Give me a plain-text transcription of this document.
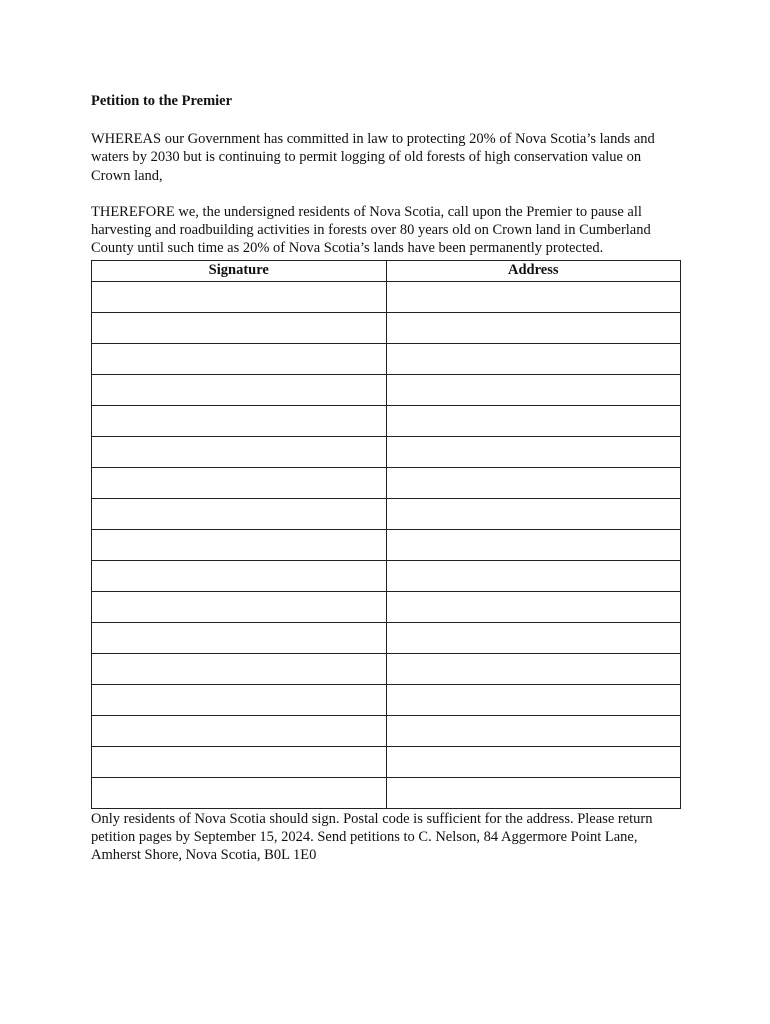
Petition to the Premier
WHEREAS our Government has committed in law to protecting 20% of Nova Scotia’s lands and waters by 2030 but is continuing to permit logging of old forests of high conservation value on Crown land,
THEREFORE we, the undersigned residents of Nova Scotia, call upon the Premier to pause all harvesting and roadbuilding activities in forests over 80 years old on Crown land in Cumberland County until such time as 20% of Nova Scotia’s lands have been permanently protected.
Signature	Address

Only residents of Nova Scotia should sign. Postal code is sufficient for the address. Please return petition pages by September 15, 2024. Send petitions to C. Nelson, 84 Aggermore Point Lane, Amherst Shore, Nova Scotia, B0L 1E0
